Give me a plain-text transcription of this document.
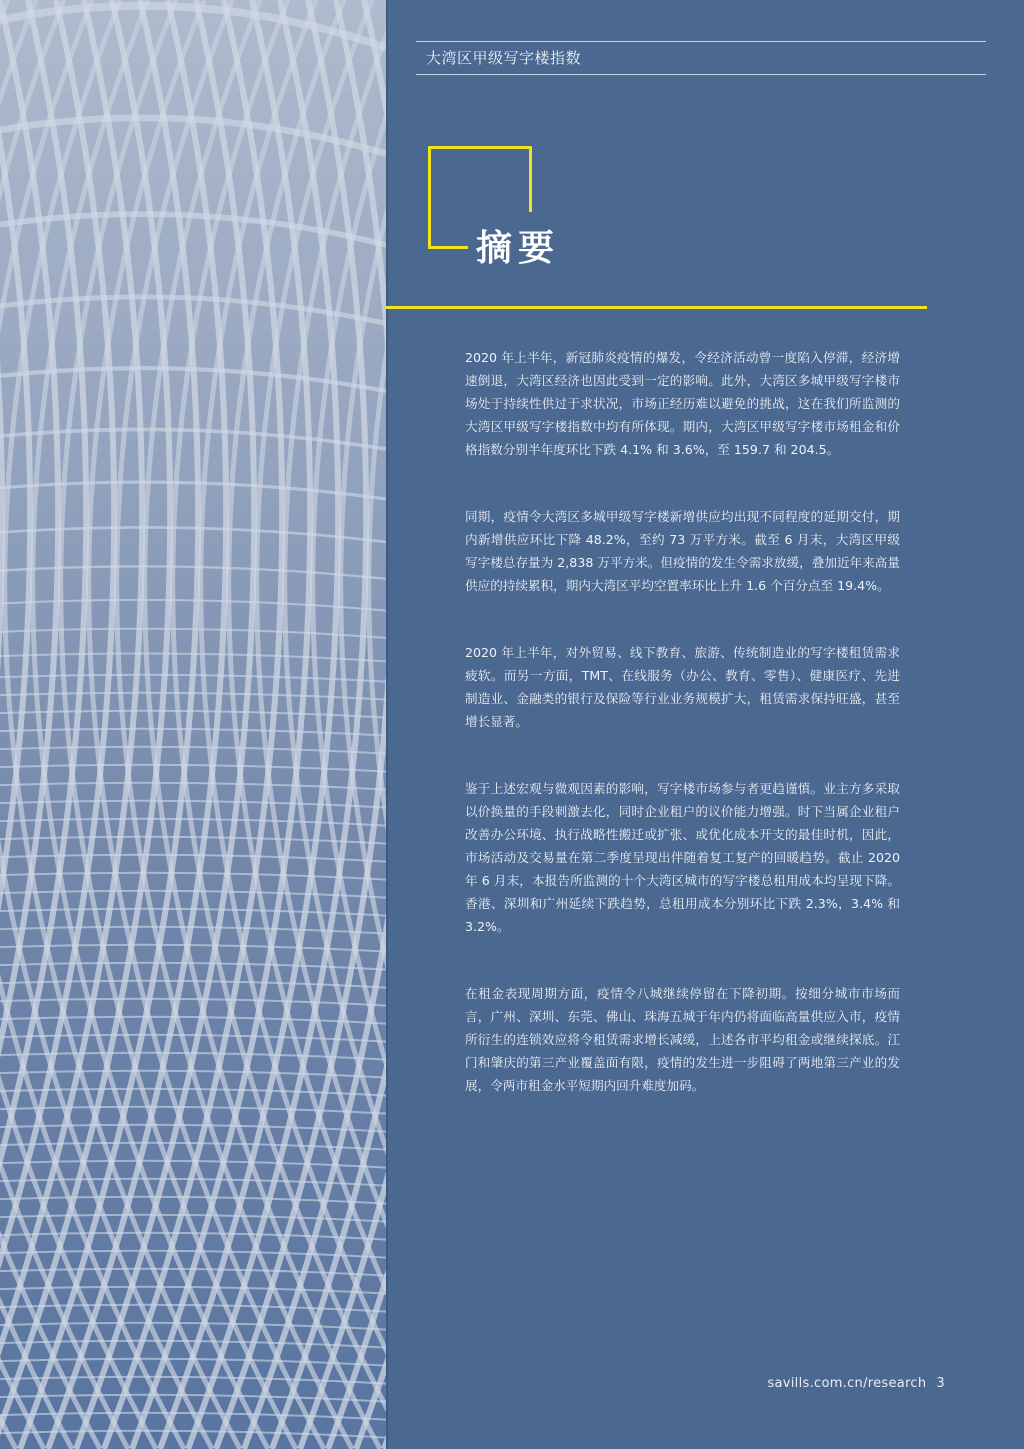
大湾区甲级写字楼指数
摘要

2020 年上半年，新冠肺炎疫情的爆发，令经济活动曾一度陷入停滞，经济增速倒退，大湾区经济也因此受到一定的影响。此外，大湾区多城甲级写字楼市场处于持续性供过于求状况，市场正经历难以避免的挑战，这在我们所监测的大湾区甲级写字楼指数中均有所体现。期内，大湾区甲级写字楼市场租金和价格指数分别半年度环比下跌 4.1% 和 3.6%，至 159.7 和 204.5。

同期，疫情令大湾区多城甲级写字楼新增供应均出现不同程度的延期交付，期内新增供应环比下降 48.2%，至约 73 万平方米。截至 6 月末，大湾区甲级写字楼总存量为 2,838 万平方米。但疫情的发生令需求放缓，叠加近年来高量供应的持续累积，期内大湾区平均空置率环比上升 1.6 个百分点至 19.4%。

2020 年上半年，对外贸易、线下教育、旅游、传统制造业的写字楼租赁需求疲软。而另一方面，TMT、在线服务（办公、教育、零售）、健康医疗、先进制造业、金融类的银行及保险等行业业务规模扩大，租赁需求保持旺盛，甚至增长显著。

鉴于上述宏观与微观因素的影响，写字楼市场参与者更趋谨慎。业主方多采取以价换量的手段刺激去化，同时企业租户的议价能力增强。时下当属企业租户改善办公环境、执行战略性搬迁或扩张、或优化成本开支的最佳时机，因此，市场活动及交易量在第二季度呈现出伴随着复工复产的回暖趋势。截止 2020 年 6 月末，本报告所监测的十个大湾区城市的写字楼总租用成本均呈现下降。香港、深圳和广州延续下跌趋势，总租用成本分别环比下跌 2.3%，3.4% 和 3.2%。

在租金表现周期方面，疫情令八城继续停留在下降初期。按细分城市市场而言，广州、深圳、东莞、佛山、珠海五城于年内仍将面临高量供应入市，疫情所衍生的连锁效应将令租赁需求增长减缓，上述各市平均租金或继续探底。江门和肇庆的第三产业覆盖面有限，疫情的发生进一步阻碍了两地第三产业的发展，令两市租金水平短期内回升难度加码。

savills.com.cn/research 3
